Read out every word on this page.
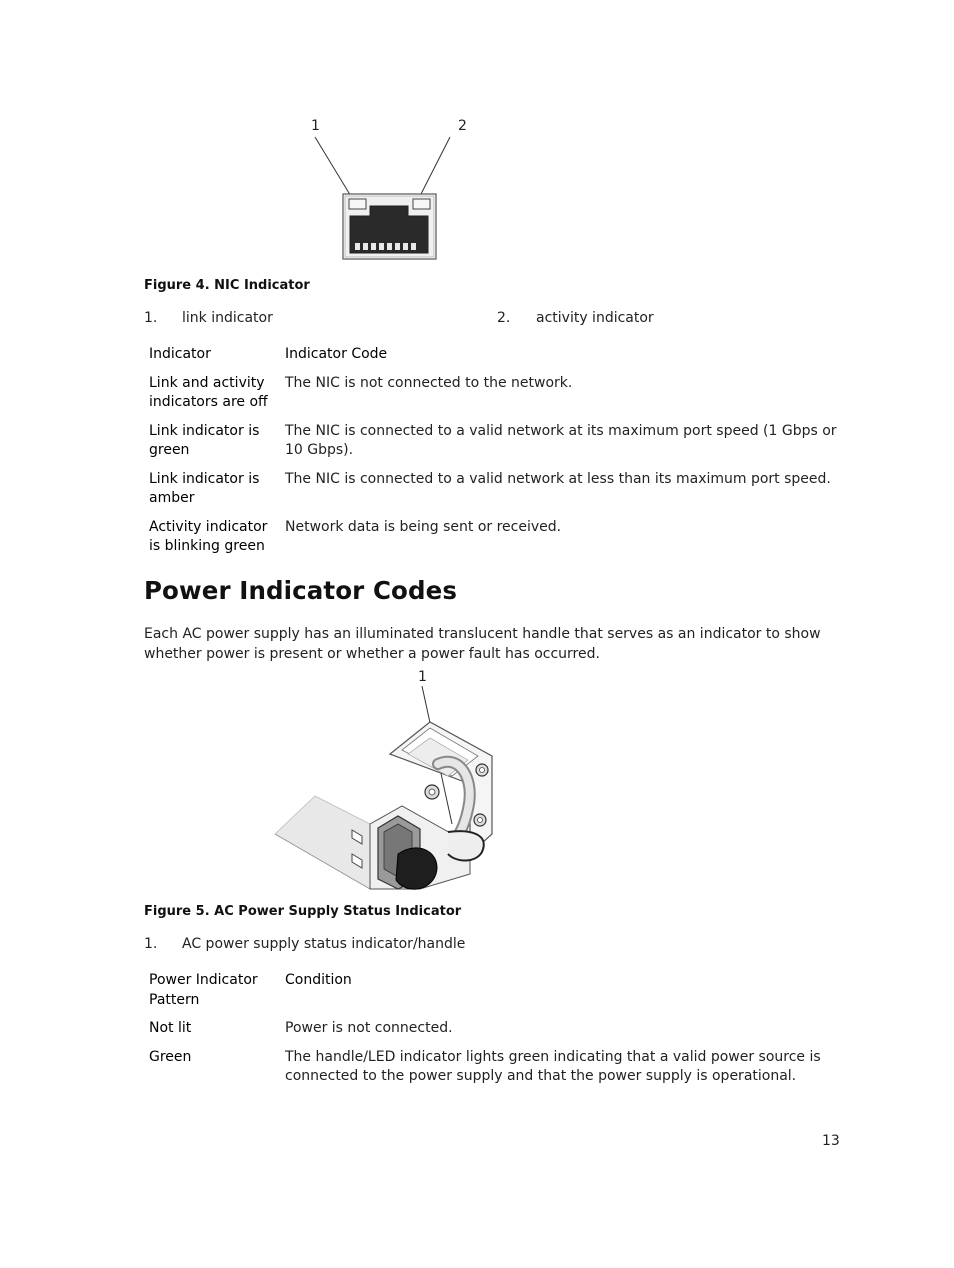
1	2
Figure 4. NIC Indicator
1. link indicator	2. activity indicator
Indicator	Indicator Code
Link and activity indicators are off	The NIC is not connected to the network.
Link indicator is green	The NIC is connected to a valid network at its maximum port speed (1 Gbps or 10 Gbps).
Link indicator is amber	The NIC is connected to a valid network at less than its maximum port speed.
Activity indicator is blinking green	Network data is being sent or received.
Power Indicator Codes
Each AC power supply has an illuminated translucent handle that serves as an indicator to show whether power is present or whether a power fault has occurred.
1
Figure 5. AC Power Supply Status Indicator
1. AC power supply status indicator/handle
Power Indicator Pattern	Condition
Not lit	Power is not connected.
Green	The handle/LED indicator lights green indicating that a valid power source is connected to the power supply and that the power supply is operational.
13
